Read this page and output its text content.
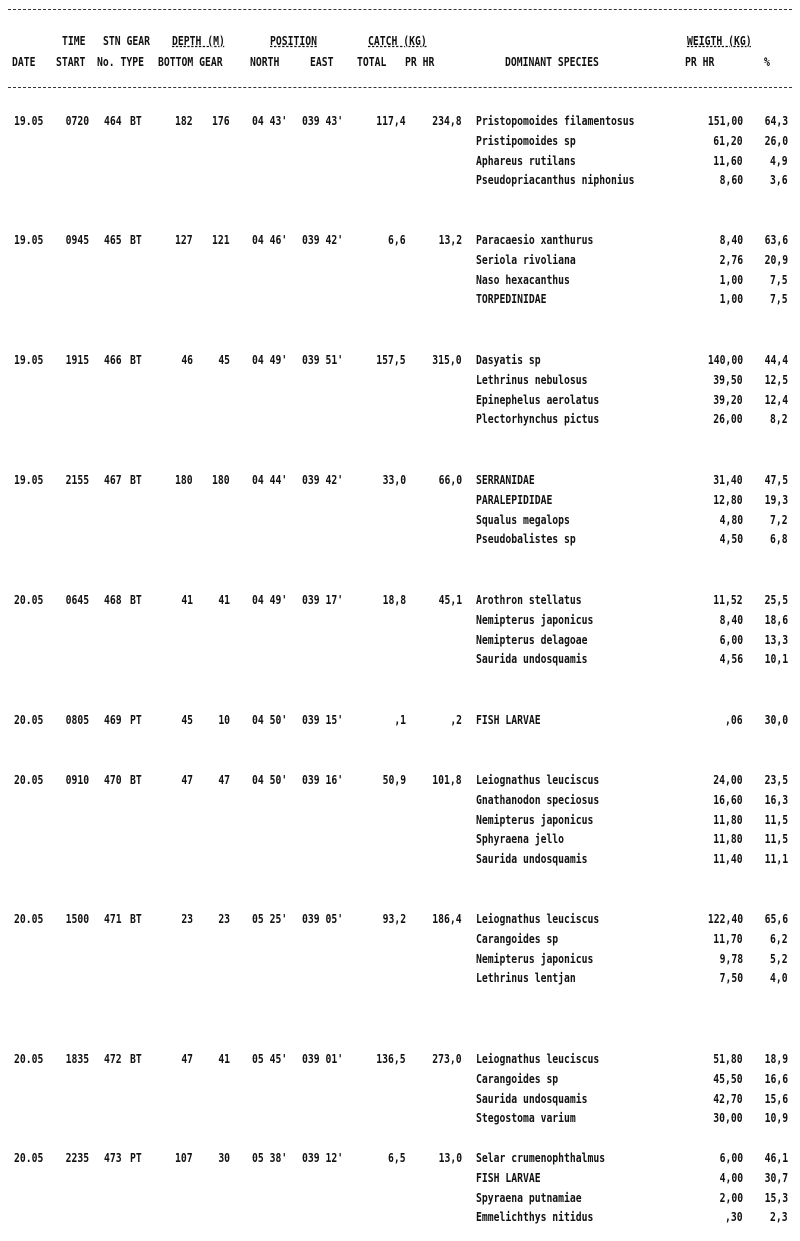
TIME STN GEAR DEPTH (M)	POSITION	CATCH (KG)	WEIGTH (KG)
DATE START No. TYPE BOTTOM GEAR NORTH EAST TOTAL PR HR	DOMINANT SPECIES	PR HR	%
19.05 0720 464 BT	182 176 04 43' 039 43'	117,4 234,8 Pristopomoides filamentosus	151,00 64,3
Pristipomoides sp	61,20 26,0
Aphareus rutilans	11,60 4,9
Pseudopriacanthus niphonius	8,60 3,6
19.05 0945 465 BT	127 121 04 46' 039 42'	6,6	13,2 Paracaesio xanthurus	8,40 63,6
Seriola rivoliana	2,76 20,9
Naso hexacanthus	1,00 7,5
TORPEDINIDAE	1,00 7,5
19.05 1915 466 BT	46 45 04 49' 039 51'	157,5 315,0 Dasyatis sp	140,00 44,4
Lethrinus nebulosus	39,50 12,5
Epinephelus aerolatus	39,20 12,4
Plectorhynchus pictus	26,00 8,2
19.05 2155 467 BT	180 180 04 44' 039 42'	33,0	66,0 SERRANIDAE	31,40 47,5
PARALEPIDIDAE	12,80 19,3
Squalus megalops	4,80 7,2
Pseudobalistes sp	4,50 6,8
20.05 0645 468 BT	41 41 04 49' 039 17'	18,8	45,1 Arothron stellatus	11,52 25,5
Nemipterus japonicus	8,40 18,6
Nemipterus delagoae	6,00 13,3
Saurida undosquamis	4,56 10,1
20.05 0805 469 PT	45 10 04 50' 039 15'	,1	,2 FISH LARVAE	,06 30,0
20.05 0910 470 BT	47 47 04 50' 039 16'	50,9 101,8 Leiognathus leuciscus	24,00 23,5
Gnathanodon speciosus	16,60 16,3
Nemipterus japonicus	11,80 11,5
Sphyraena jello	11,80 11,5
Saurida undosquamis	11,40 11,1
20.05 1500 471 BT	23 23 05 25' 039 05'	93,2 186,4 Leiognathus leuciscus	122,40 65,6
Carangoides sp	11,70 6,2
Nemipterus japonicus	9,78 5,2
Lethrinus lentjan	7,50 4,0
20.05 1835 472 BT	47 41 05 45' 039 01'	136,5 273,0 Leiognathus leuciscus	51,80 18,9
Carangoides sp	45,50 16,6
Saurida undosquamis	42,70 15,6
Stegostoma varium	30,00 10,9
20.05 2235 473 PT	107 30 05 38' 039 12'	6,5	13,0 Selar crumenophthalmus	6,00 46,1
FISH LARVAE	4,00 30,7
Spyraena putnamiae	2,00 15,3
Emmelichthys nitidus	,30 2,3
